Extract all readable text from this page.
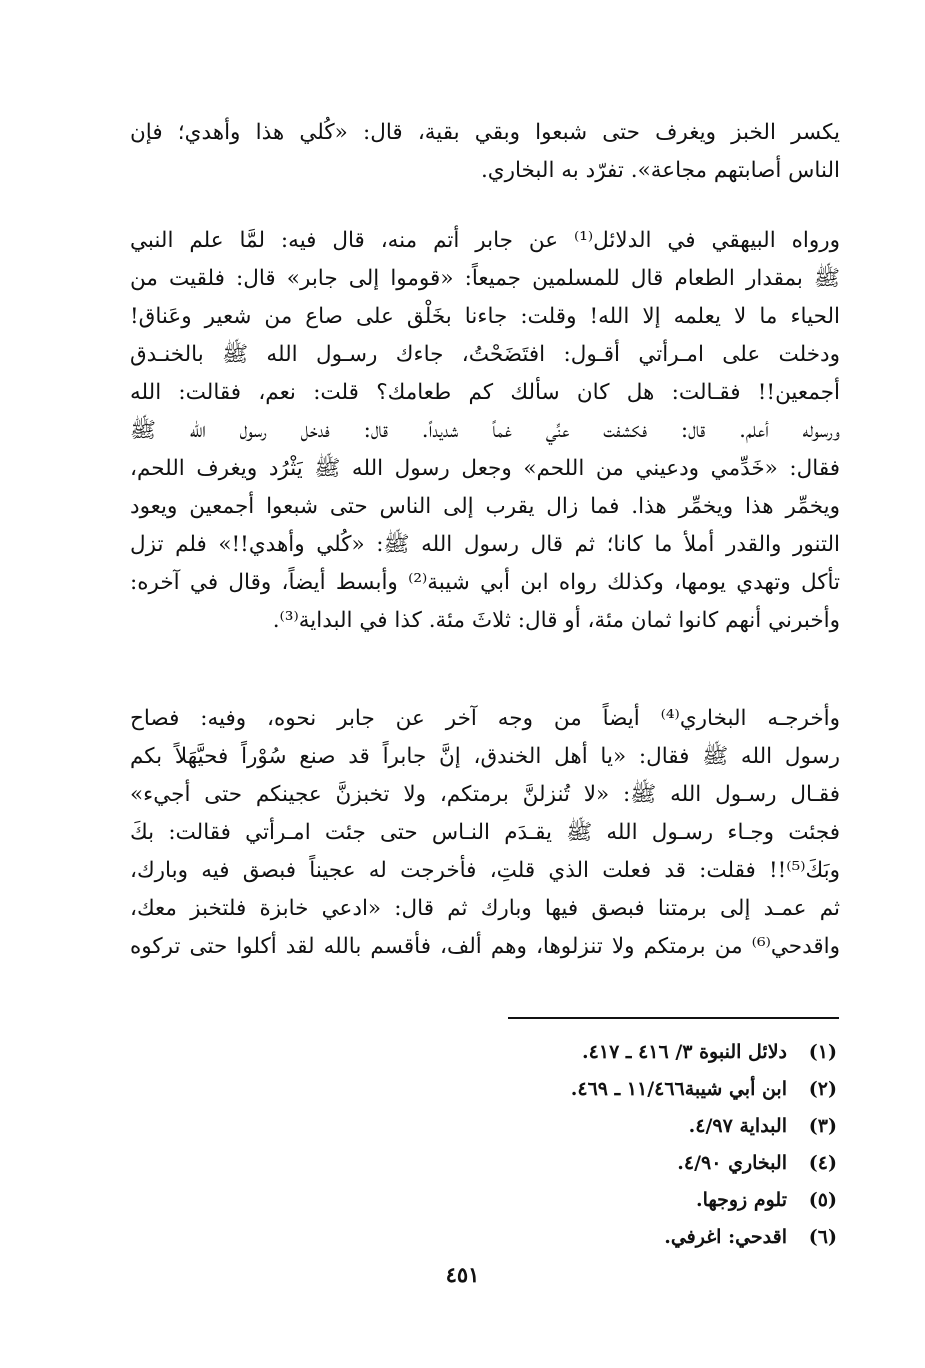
يكسر الخبز ويغرف حتى شبعوا وبقي بقية، قال: «كُلي هذا وأهدي؛ فإن
الناس أصابتهم مجاعة». تفرّد به البخاري.
ورواه البيهقي في الدلائل⁽¹⁾ عن جابر أتم منه، قال فيه: لمَّا علم النبي
ﷺ بمقدار الطعام قال للمسلمين جميعاً: «قوموا إلى جابر» قال: فلقيت من
الحياء ما لا يعلمه إلا الله! وقلت: جاءنا بخَلْق على صاع من شعير وعَناق!
ودخلت على امـرأتي أقـول: افتَضَحْتُ، جاءك رسـول الله ﷺ بالخنـدق
أجمعين!! فقـالت: هل كان سألك كم طعامك؟ قلت: نعم، فقالت: الله
ورسوله أعلم. قال: فكشفت عنِّي غماً شديداً. قال: فدخل رسول الله ﷺ
فقال: «خَدِّمي ودعيني من اللحم» وجعل رسول الله ﷺ يَثْرُد ويغرف اللحم،
ويخمِّر هذا ويخمِّر هذا. فما زال يقرب إلى الناس حتى شبعوا أجمعين ويعود
التنور والقدر أملأ ما كانا؛ ثم قال رسول الله ﷺ: «كُلي وأهدي!!» فلم تزل
تأكل وتهدي يومها، وكذلك رواه ابن أبي شيبة⁽²⁾ وأبسط أيضاً، وقال في آخره:
وأخبرني أنهم كانوا ثمان مئة، أو قال: ثلاثَ مئة. كذا في البداية⁽³⁾.
وأخرجـه البخاري⁽⁴⁾ أيضاً من وجه آخر عن جابر نحوه، وفيه: فصاح
رسول الله ﷺ فقال: «يا أهل الخندق، إنَّ جابراً قد صنع سُوْراً فحيَّهَلاً بكم
فقـال رسـول الله ﷺ: «لا تُنزلنَّ برمتكم، ولا تخبزنَّ عجينكم حتى أجيء»
فجئت وجـاء رسـول الله ﷺ يقـدَم النـاس حتى جئت امـرأتي فقالت: بكَ
وبَكَ⁽⁵⁾!! فقلت: قد فعلت الذي قلتِ، فأخرجت له عجيناً فبصق فيه وبارك،
ثم عمـد إلى برمتنا فبصق فيها وبارك ثم قال: «ادعي خابزة فلتخبز معك،
واقدحي⁽⁶⁾ من برمتكم ولا تنزلوها، وهم ألف، فأقسم بالله لقد أكلوا حتى تركوه
(١)
دلائل النبوة ٣/ ٤١٦ ـ ٤١٧.
(٢)
ابن أبي شيبة١١/٤٦٦ ـ ٤٦٩.
(٣)
البداية ٤/٩٧.
(٤)
البخاري ٤/٩٠.
(٥)
تلوم زوجها.
(٦)
اقدحي: اغرفي.
٤٥١
